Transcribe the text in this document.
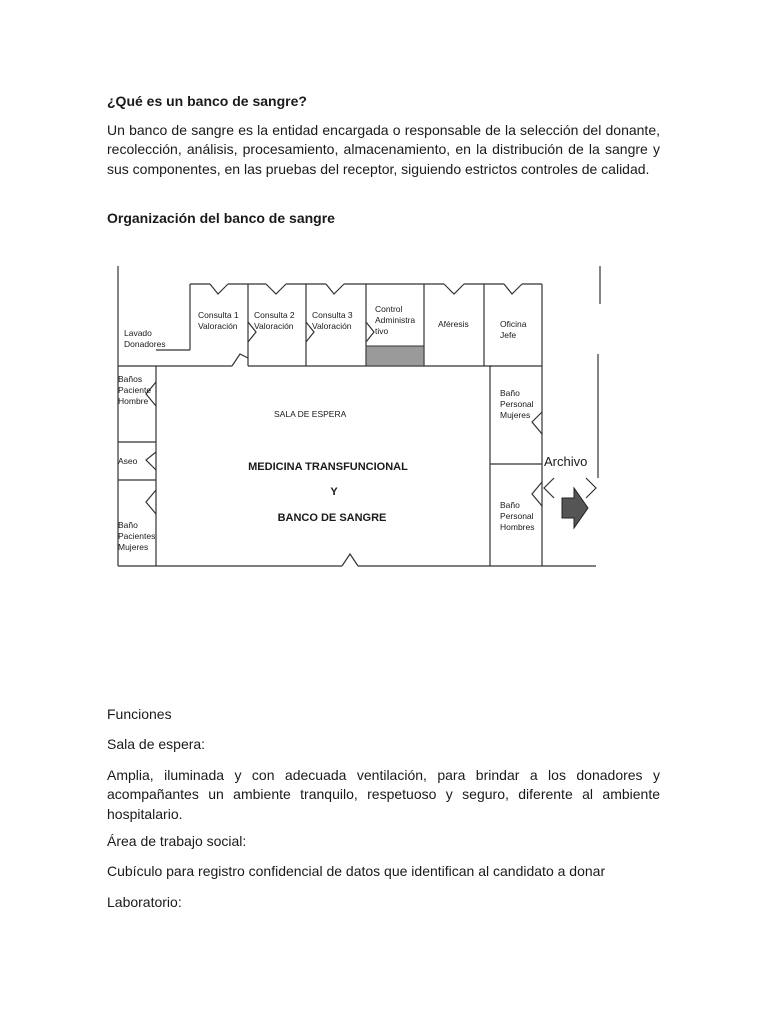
¿Qué es un banco de sangre?

Un banco de sangre es la entidad encargada o responsable de la selección del donante, recolección, análisis, procesamiento, almacenamiento, en la distribución de la sangre y sus componentes, en las pruebas del receptor, siguiendo estrictos controles de calidad.

Organización del banco de sangre

Lavado Donadores
Consulta 1 Valoración
Consulta 2 Valoración
Consulta 3 Valoración
Control Administra tivo
Aféresis	Oficina Jefe
Baños Paciente Hombre
Aseo
Baño Pacientes Mujeres
Baño Personal Mujeres
Baño Personal Hombres
SALA DE ESPERA
MEDICINA TRANSFUNCIONAL
Y
BANCO DE SANGRE
Archivo

Funciones

Sala de espera:

Amplia, iluminada y con adecuada ventilación, para brindar a los donadores y acompañantes un ambiente tranquilo, respetuoso y seguro, diferente al ambiente hospitalario.

Área de trabajo social:

Cubículo para registro confidencial de datos que identifican al candidato a donar

Laboratorio:
